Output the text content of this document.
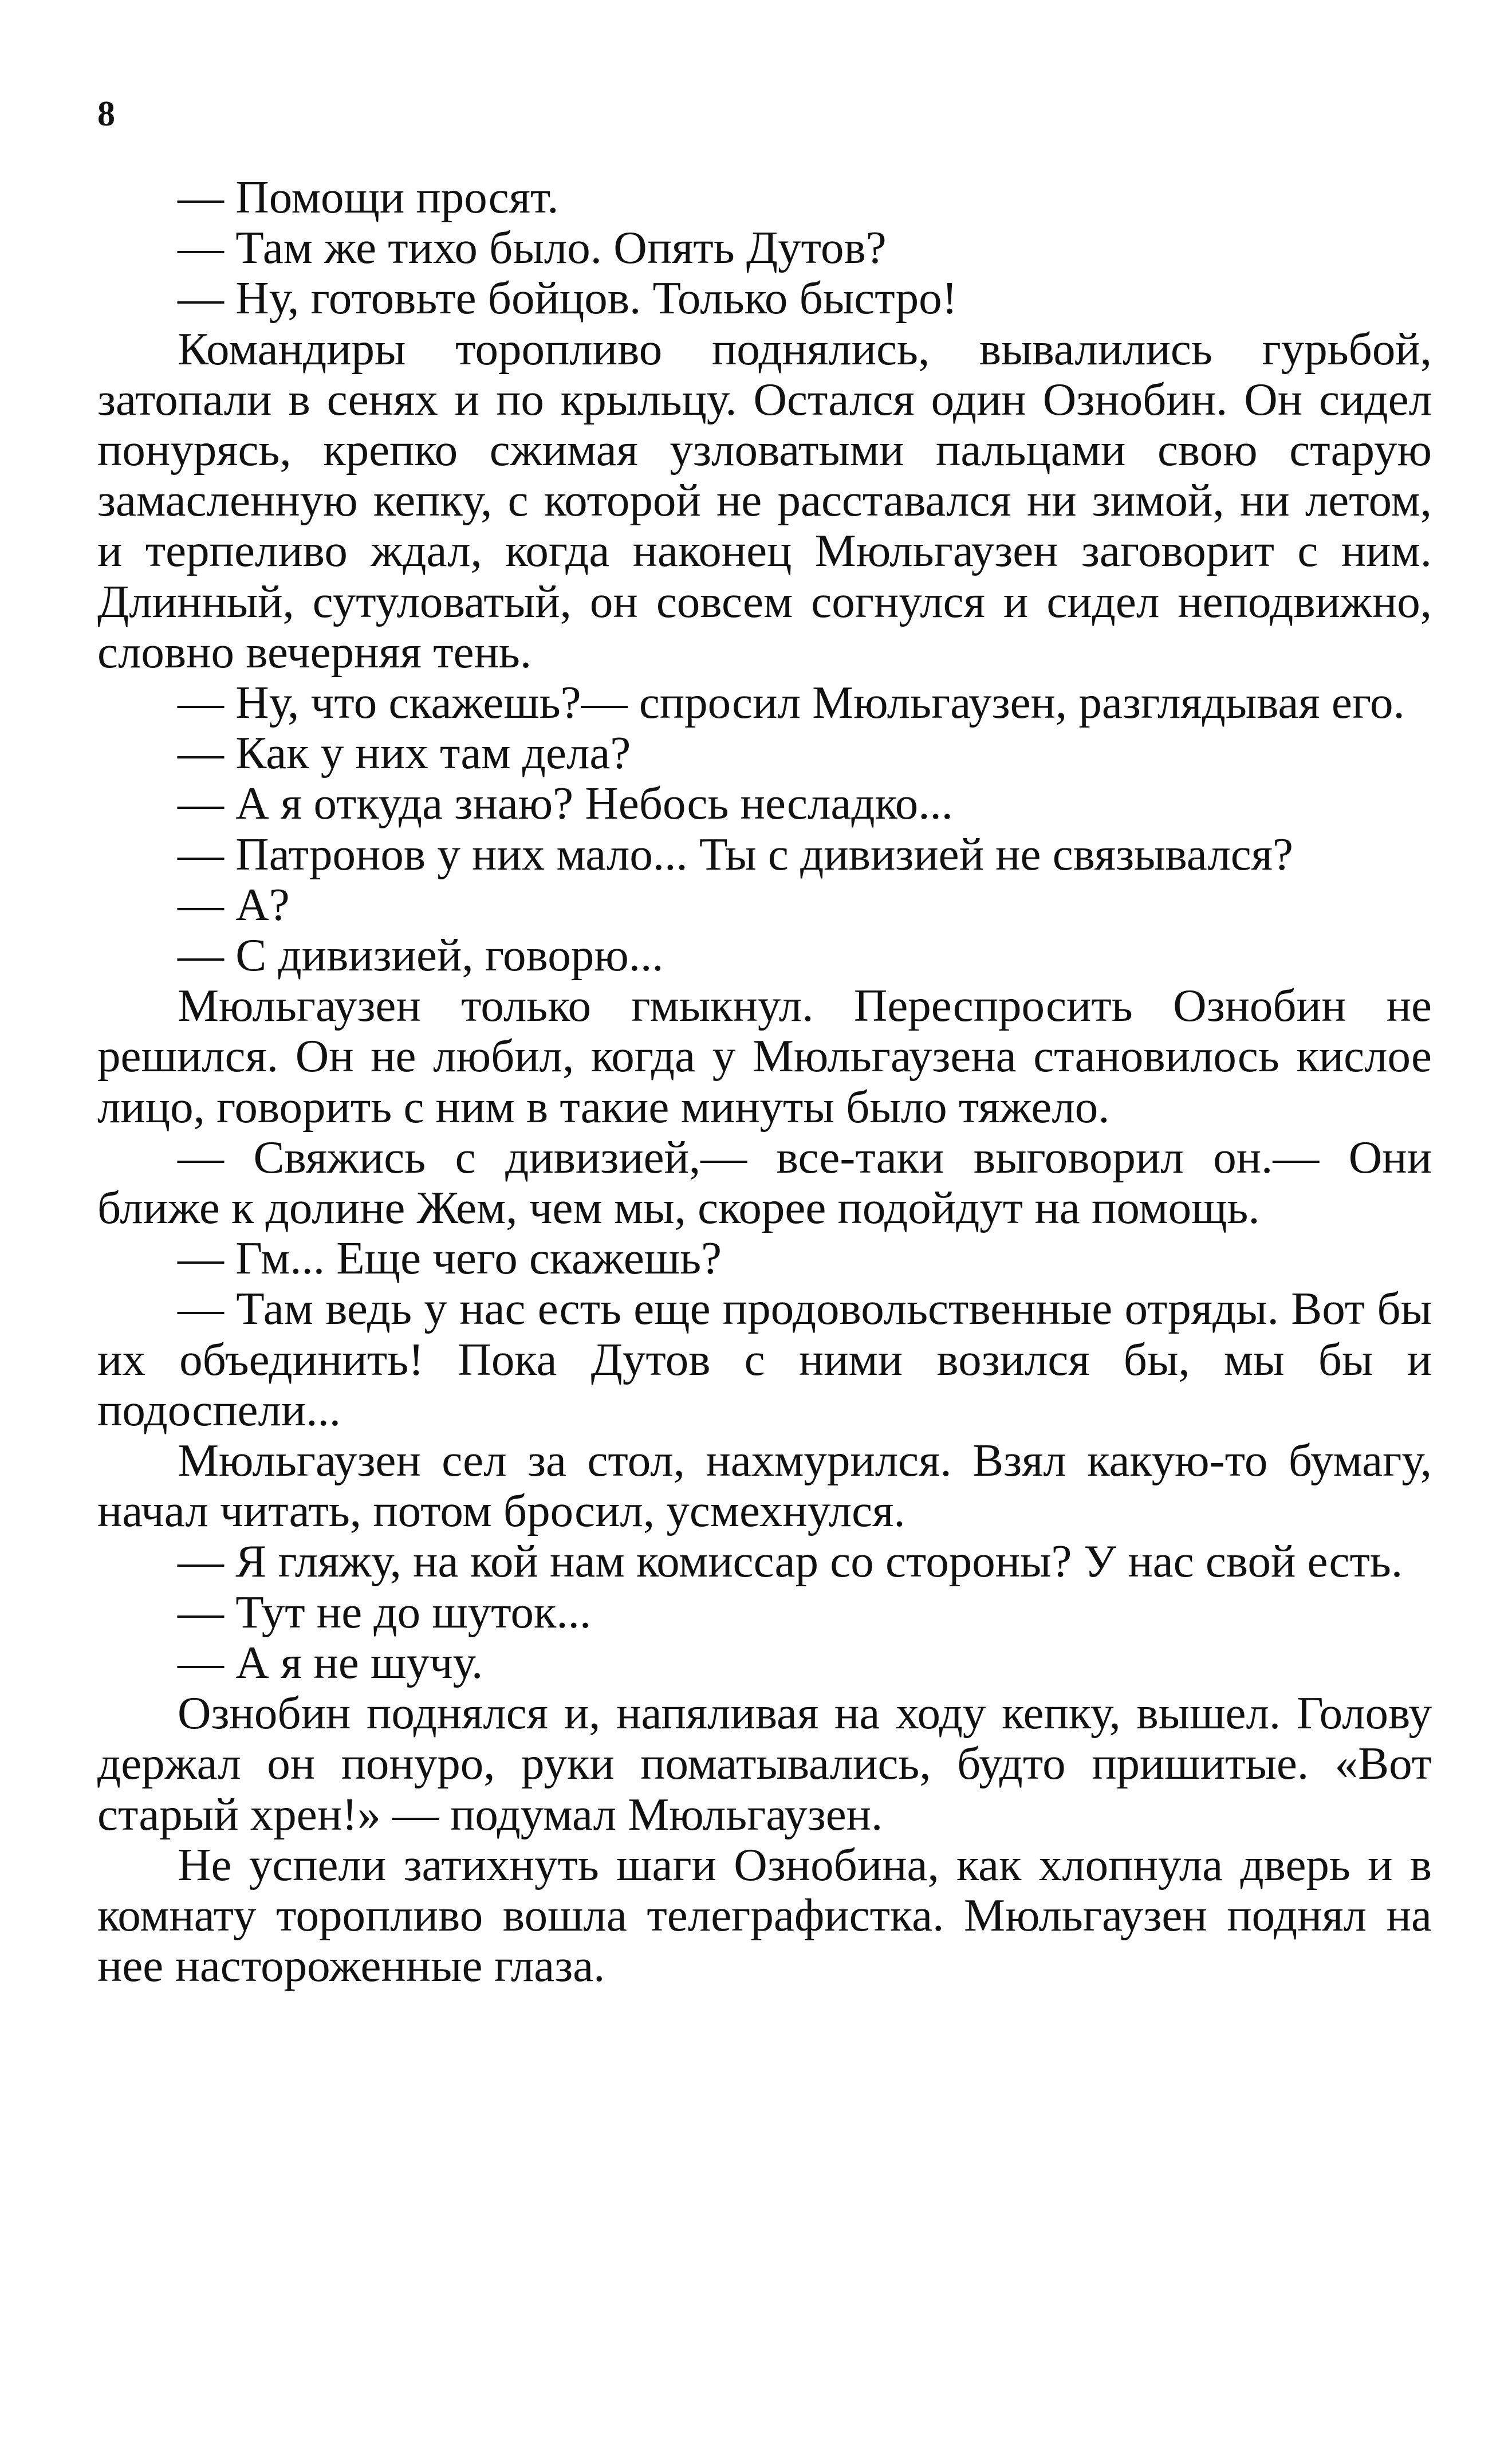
8

— Помощи просят.

— Там же тихо было. Опять Дутов?

— Ну, готовьте бойцов. Только быстро!

Командиры торопливо поднялись, вывалились гурьбой, затопали в сенях и по крыльцу. Остался один Ознобин. Он сидел понурясь, крепко сжимая узловатыми пальцами свою старую замасленную кепку, с которой не расставался ни зимой, ни летом, и терпеливо ждал, когда наконец Мюльгаузен заговорит с ним. Длинный, сутуловатый, он совсем согнулся и сидел неподвижно, словно вечерняя тень.

— Ну, что скажешь?— спросил Мюльгаузен, разглядывая его.

— Как у них там дела?

— А я откуда знаю? Небось несладко...

— Патронов у них мало... Ты с дивизией не связывался?

— А?

— С дивизией, говорю...

Мюльгаузен только гмыкнул. Переспросить Ознобин не решился. Он не любил, когда у Мюльгаузена становилось кислое лицо, говорить с ним в такие минуты было тяжело.

— Свяжись с дивизией,— все-таки выговорил он.— Они ближе к долине Жем, чем мы, скорее подойдут на помощь.

— Гм... Еще чего скажешь?

— Там ведь у нас есть еще продовольственные отряды. Вот бы их объединить! Пока Дутов с ними возился бы, мы бы и подоспели...

Мюльгаузен сел за стол, нахмурился. Взял какую-то бумагу, начал читать, потом бросил, усмехнулся.

— Я гляжу, на кой нам комиссар со стороны? У нас свой есть.

— Тут не до шуток...

— А я не шучу.

Ознобин поднялся и, напяливая на ходу кепку, вышел. Голову держал он понуро, руки поматывались, будто пришитые. «Вот старый хрен!» — подумал Мюльгаузен.

Не успели затихнуть шаги Ознобина, как хлопнула дверь и в комнату торопливо вошла телеграфистка. Мюльгаузен поднял на нее настороженные глаза.
